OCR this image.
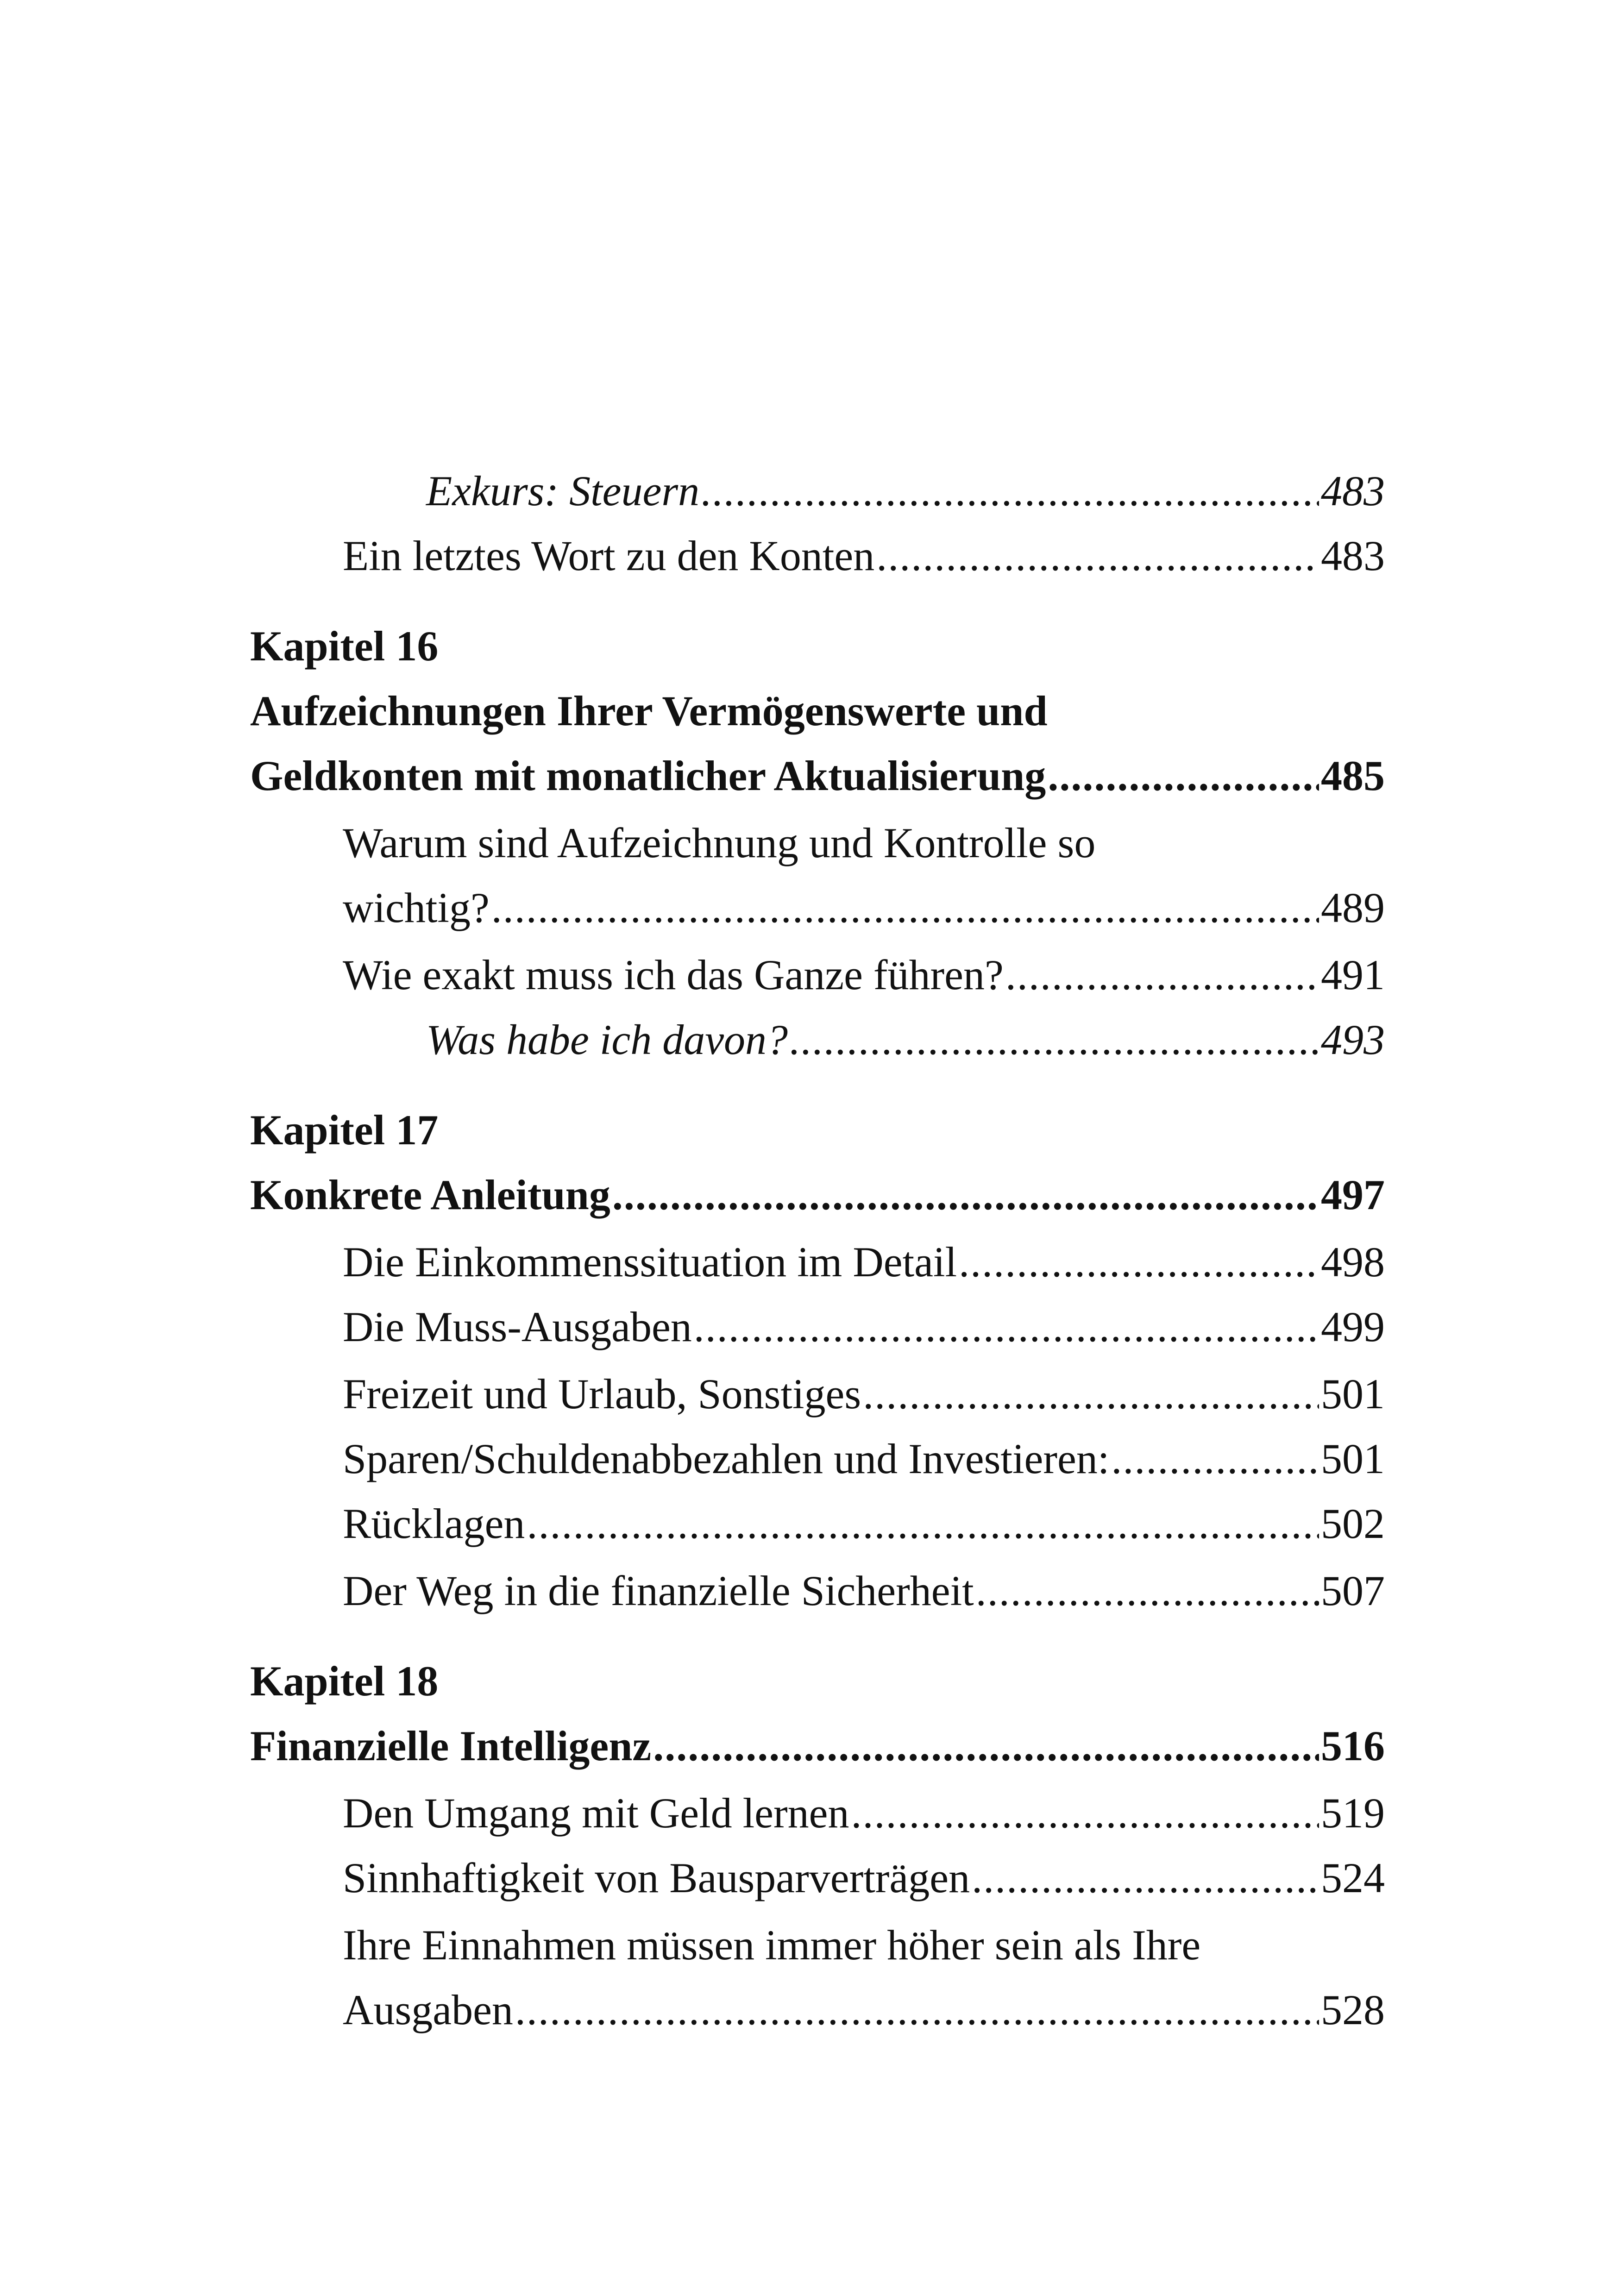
Exkurs: Steuern .....	483
Ein letztes Wort zu den Konten .....	483
Kapitel 16
Aufzeichnungen Ihrer Vermögenswerte und
Geldkonten mit monatlicher Aktualisierung .....	485
Warum sind Aufzeichnung und Kontrolle so
wichtig? .....	489
Wie exakt muss ich das Ganze führen? .....	491
Was habe ich davon? .....	493
Kapitel 17
Konkrete Anleitung .....	497
Die Einkommenssituation im Detail .....	498
Die Muss-Ausgaben .....	499
Freizeit und Urlaub, Sonstiges .....	501
Sparen/Schuldenabbezahlen und Investieren: .....	501
Rücklagen .....	502
Der Weg in die finanzielle Sicherheit .....	507
Kapitel 18
Finanzielle Intelligenz .....	516
Den Umgang mit Geld lernen .....	519
Sinnhaftigkeit von Bausparverträgen .....	524
Ihre Einnahmen müssen immer höher sein als Ihre
Ausgaben .....	528
